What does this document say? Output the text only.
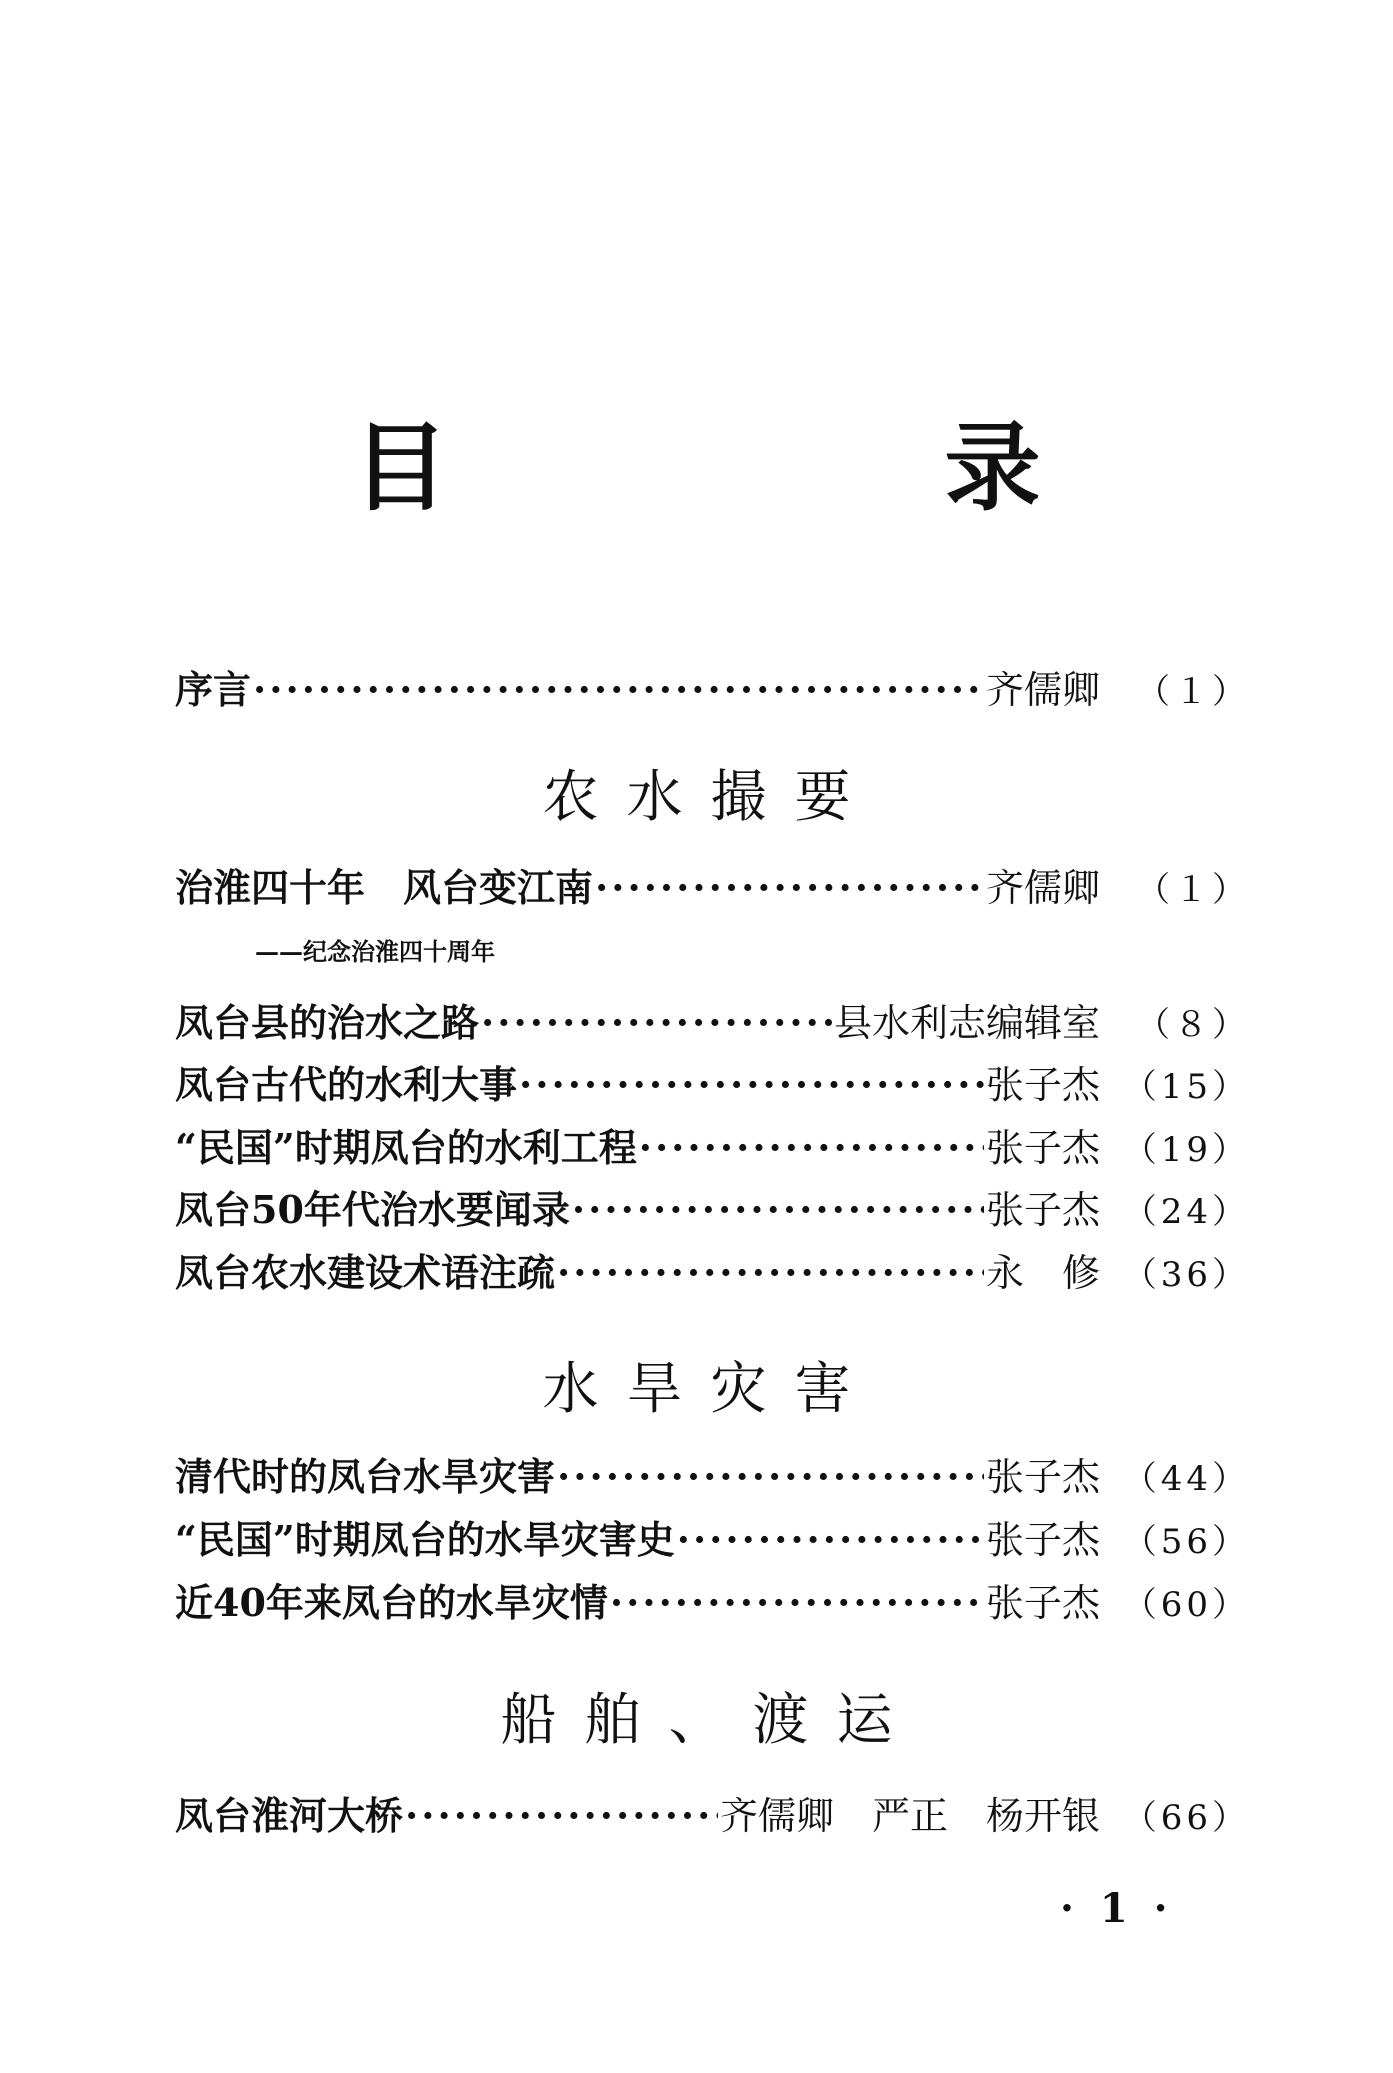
目　录
序言 ·····	齐儒卿	（１）
农水撮要
治淮四十年　风台变江南 ·····	齐儒卿	（１）
——纪念治淮四十周年
凤台县的治水之路 ·····	县水利志编辑室	（８）
凤台古代的水利大事 ·····	张子杰 （15）
“民国”时期凤台的水利工程 ·····	张子杰 （19）
凤台50年代治水要闻录 ·····	张子杰 （24）
凤台农水建设术语注疏 ·····	永　修 （36）
水旱灾害
清代时的凤台水旱灾害 ·····	张子杰 （44）
“民国”时期凤台的水旱灾害史 ·····	张子杰 （56）
近40年来凤台的水旱灾情 ·····	张子杰 （60）
船舶、渡运
凤台淮河大桥 ·····	齐儒卿　严正　杨开银 （66）
· 1 ·
